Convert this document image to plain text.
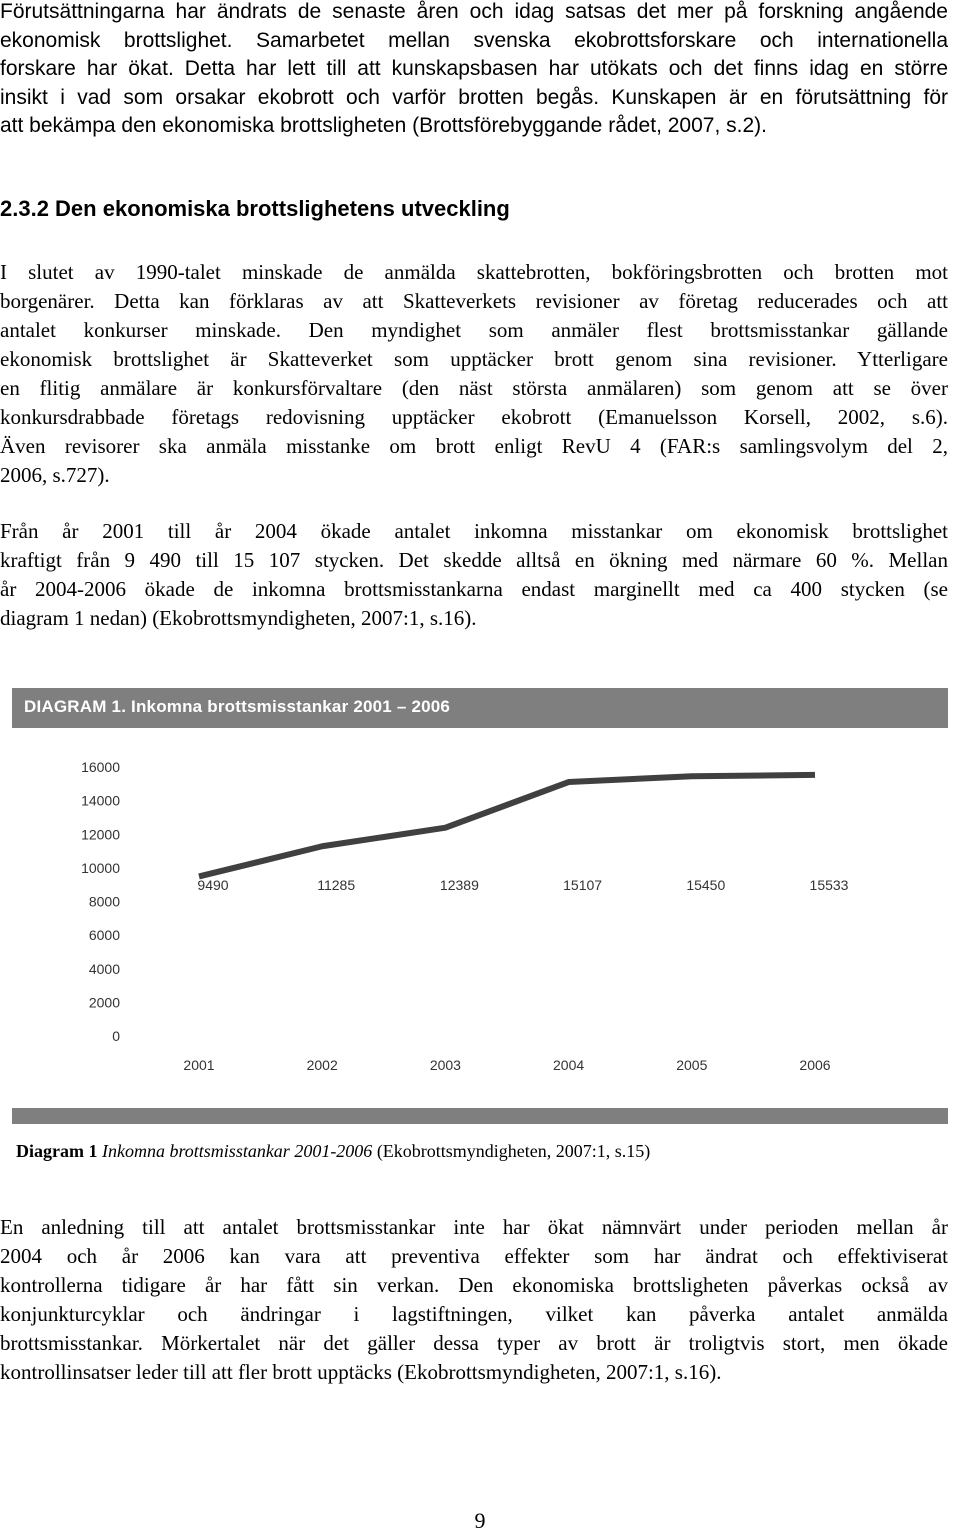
Förutsättningarna har ändrats de senaste åren och idag satsas det mer på forskning angående
ekonomisk brottslighet. Samarbetet mellan svenska ekobrottsforskare och internationella
forskare har ökat. Detta har lett till att kunskapsbasen har utökats och det finns idag en större
insikt i vad som orsakar ekobrott och varför brotten begås. Kunskapen är en förutsättning för
att bekämpa den ekonomiska brottsligheten (Brottsförebyggande rådet, 2007, s.2).
2.3.2 Den ekonomiska brottslighetens utveckling
I slutet av 1990-talet minskade de anmälda skattebrotten, bokföringsbrotten och brotten mot
borgenärer. Detta kan förklaras av att Skatteverkets revisioner av företag reducerades och att
antalet konkurser minskade. Den myndighet som anmäler flest brottsmisstankar gällande
ekonomisk brottslighet är Skatteverket som upptäcker brott genom sina revisioner. Ytterligare
en flitig anmälare är konkursförvaltare (den näst största anmälaren) som genom att se över
konkursdrabbade företags redovisning upptäcker ekobrott (Emanuelsson Korsell, 2002, s.6).
Även revisorer ska anmäla misstanke om brott enligt RevU 4 (FAR:s samlingsvolym del 2,
2006, s.727).
Från år 2001 till år 2004 ökade antalet inkomna misstankar om ekonomisk brottslighet
kraftigt från 9 490 till 15 107 stycken. Det skedde alltså en ökning med närmare 60 %. Mellan
år 2004-2006 ökade de inkomna brottsmisstankarna endast marginellt med ca 400 stycken (se
diagram 1 nedan) (Ekobrottsmyndigheten, 2007:1, s.16).
DIAGRAM 1. Inkomna brottsmisstankar 2001 – 2006
0
2000
4000
6000
8000
10000
12000
14000
16000
2001	2002	2003	2004	2005	2006
9490	11285	12389	15107	15450	15533
Diagram 1 Inkomna brottsmisstankar 2001-2006 (Ekobrottsmyndigheten, 2007:1, s.15)
En anledning till att antalet brottsmisstankar inte har ökat nämnvärt under perioden mellan år
2004 och år 2006 kan vara att preventiva effekter som har ändrat och effektiviserat
kontrollerna tidigare år har fått sin verkan. Den ekonomiska brottsligheten påverkas också av
konjunkturcyklar och ändringar i lagstiftningen, vilket kan påverka antalet anmälda
brottsmisstankar. Mörkertalet när det gäller dessa typer av brott är troligtvis stort, men ökade
kontrollinsatser leder till att fler brott upptäcks (Ekobrottsmyndigheten, 2007:1, s.16).
9
